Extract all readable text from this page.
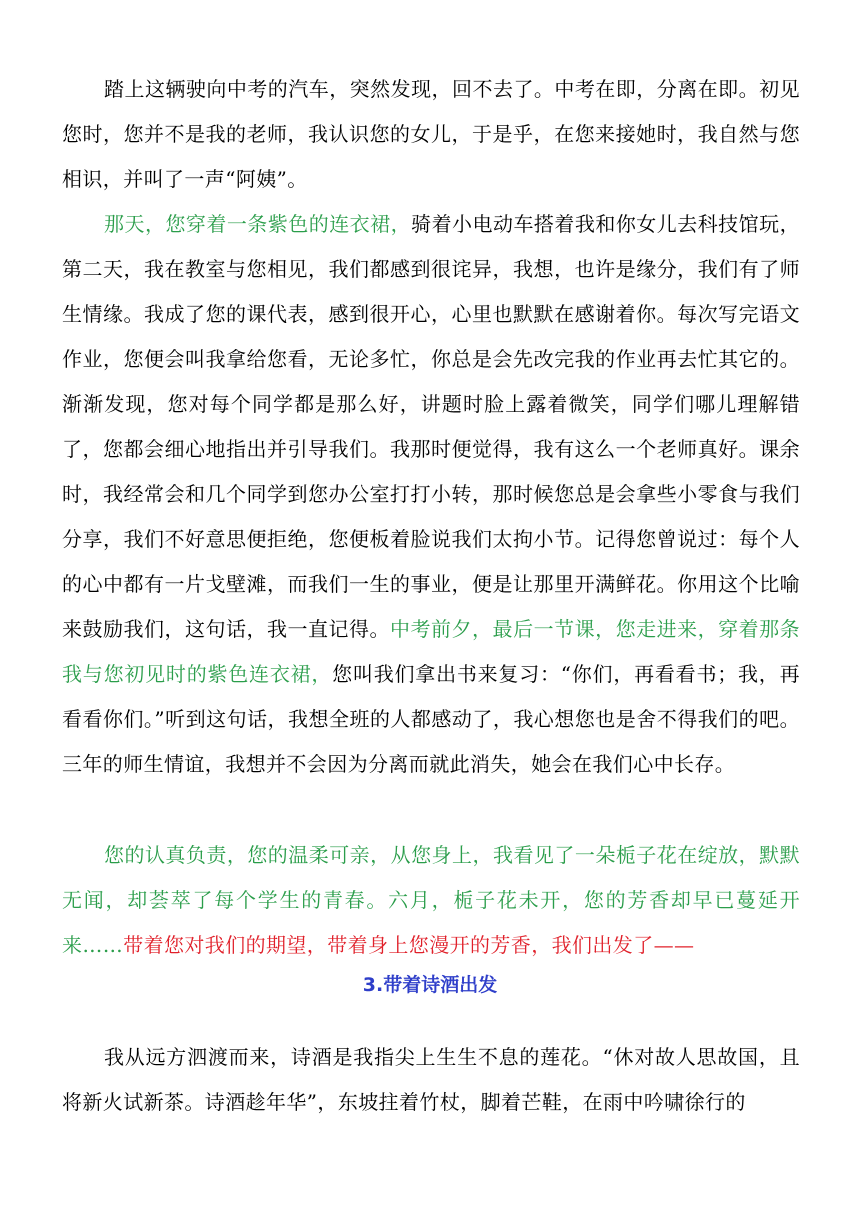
踏上这辆驶向中考的汽车，突然发现，回不去了。中考在即，分离在即。初见您时，您并不是我的老师，我认识您的女儿，于是乎，在您来接她时，我自然与您相识，并叫了一声“阿姨”。

那天，您穿着一条紫色的连衣裙，骑着小电动车搭着我和你女儿去科技馆玩，第二天，我在教室与您相见，我们都感到很诧异，我想，也许是缘分，我们有了师生情缘。我成了您的课代表，感到很开心，心里也默默在感谢着你。每次写完语文作业，您便会叫我拿给您看，无论多忙，你总是会先改完我的作业再去忙其它的。渐渐发现，您对每个同学都是那么好，讲题时脸上露着微笑，同学们哪儿理解错了，您都会细心地指出并引导我们。我那时便觉得，我有这么一个老师真好。课余时，我经常会和几个同学到您办公室打打小转，那时候您总是会拿些小零食与我们分享，我们不好意思便拒绝，您便板着脸说我们太拘小节。记得您曾说过：每个人的心中都有一片戈壁滩，而我们一生的事业，便是让那里开满鲜花。你用这个比喻来鼓励我们，这句话，我一直记得。中考前夕，最后一节课，您走进来，穿着那条我与您初见时的紫色连衣裙，您叫我们拿出书来复习：“你们，再看看书；我，再看看你们。”听到这句话，我想全班的人都感动了，我心想您也是舍不得我们的吧。三年的师生情谊，我想并不会因为分离而就此消失，她会在我们心中长存。

您的认真负责，您的温柔可亲，从您身上，我看见了一朵栀子花在绽放，默默无闻，却荟萃了每个学生的青春。六月，栀子花未开，您的芳香却早已蔓延开来……带着您对我们的期望，带着身上您漫开的芳香，我们出发了——

3.带着诗酒出发

我从远方泗渡而来，诗酒是我指尖上生生不息的莲花。“休对故人思故国，且将新火试新茶。诗酒趁年华”，东坡拄着竹杖，脚着芒鞋，在雨中吟啸徐行的
